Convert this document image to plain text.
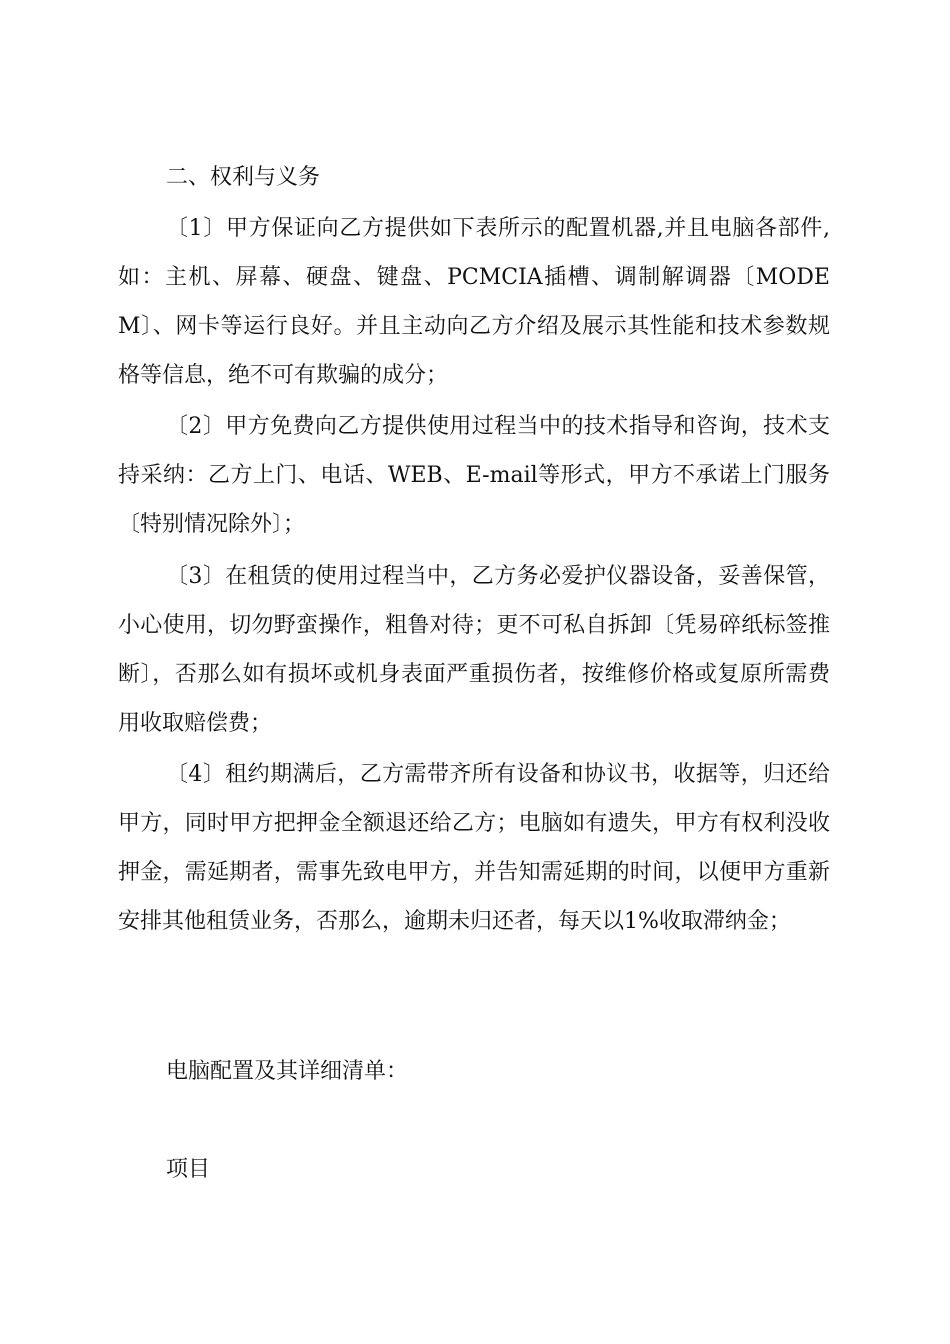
二、权利与义务

〔1〕甲方保证向乙方提供如下表所示的配置机器,并且电脑各部件,如：主机、屏幕、硬盘、键盘、PCMCIA插槽、调制解调器〔MODEM〕、网卡等运行良好。并且主动向乙方介绍及展示其性能和技术参数规格等信息，绝不可有欺骗的成分；

〔2〕甲方免费向乙方提供使用过程当中的技术指导和咨询，技术支持采纳：乙方上门、电话、WEB、E-mail等形式，甲方不承诺上门服务〔特别情况除外〕；

〔3〕在租赁的使用过程当中，乙方务必爱护仪器设备，妥善保管，小心使用，切勿野蛮操作，粗鲁对待；更不可私自拆卸〔凭易碎纸标签推断〕，否那么如有损坏或机身表面严重损伤者，按维修价格或复原所需费用收取赔偿费；

〔4〕租约期满后，乙方需带齐所有设备和协议书，收据等，归还给甲方，同时甲方把押金全额退还给乙方；电脑如有遗失，甲方有权利没收押金，需延期者，需事先致电甲方，并告知需延期的时间，以便甲方重新安排其他租赁业务，否那么，逾期未归还者，每天以1%收取滞纳金；

电脑配置及其详细清单：
项目
